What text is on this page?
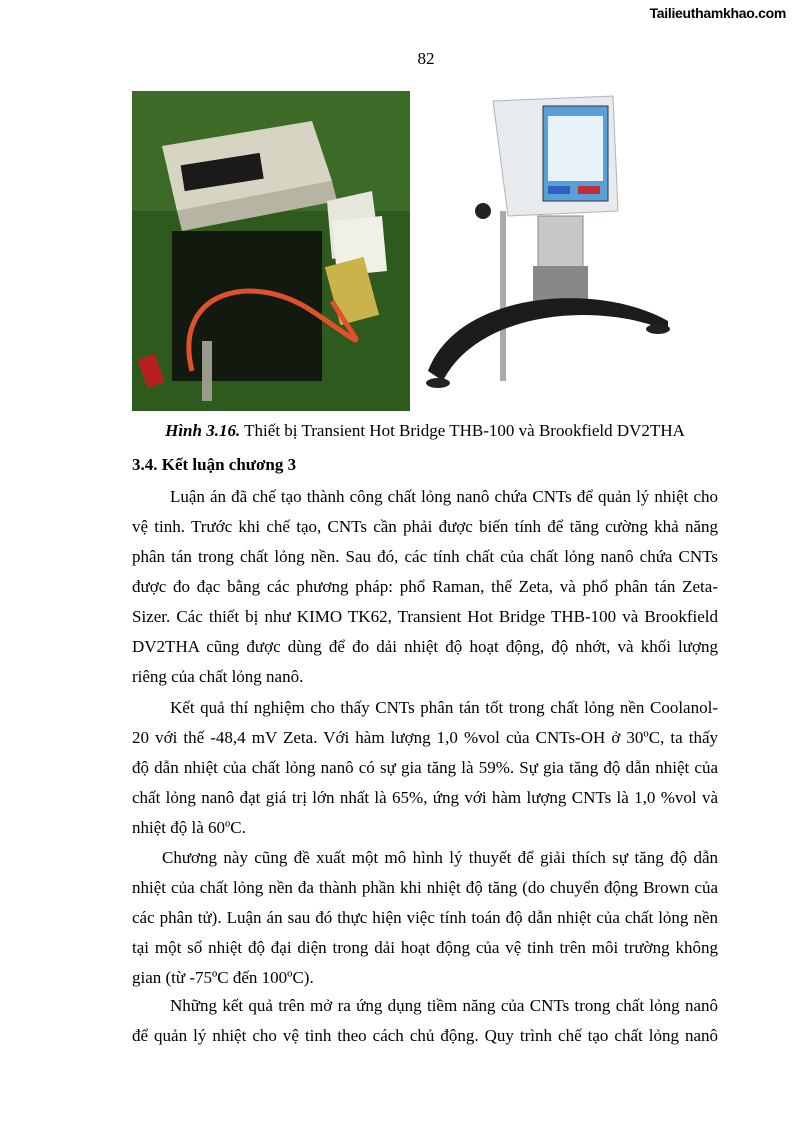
Tailieuthamkhao.com
82
Hình 3.16. Thiết bị Transient Hot Bridge THB-100 và Brookfield DV2THA
3.4. Kết luận chương 3
Luận án đã chế tạo thành công chất lỏng nanô chứa CNTs để quản lý nhiệt cho
vệ tinh. Trước khi chế tạo, CNTs cần phải được biến tính để tăng cường khả năng
phân tán trong chất lỏng nền. Sau đó, các tính chất của chất lỏng nanô chứa CNTs
được đo đạc bằng các phương pháp: phổ Raman, thế Zeta, và phổ phân tán Zeta-
Sizer. Các thiết bị như KIMO TK62, Transient Hot Bridge THB-100 và Brookfield
DV2THA cũng được dùng để đo dải nhiệt độ hoạt động, độ nhớt, và khối lượng
riêng của chất lỏng nanô.
Kết quả thí nghiệm cho thấy CNTs phân tán tốt trong chất lỏng nền Coolanol-
20 với thế -48,4 mV Zeta. Với hàm lượng 1,0 %vol của CNTs-OH ở 30ºC, ta thấy
độ dẫn nhiệt của chất lỏng nanô có sự gia tăng là 59%. Sự gia tăng độ dẫn nhiệt của
chất lỏng nanô đạt giá trị lớn nhất là 65%, ứng với hàm lượng CNTs là 1,0 %vol và
nhiệt độ là 60ºC.
Chương này cũng đề xuất một mô hình lý thuyết để giải thích sự tăng độ dẫn
nhiệt của chất lỏng nền đa thành phần khi nhiệt độ tăng (do chuyển động Brown của
các phân tử). Luận án sau đó thực hiện việc tính toán độ dẫn nhiệt của chất lỏng nền
tại một số nhiệt độ đại diện trong dải hoạt động của vệ tinh trên môi trường không
gian (từ -75ºC đến 100ºC).
Những kết quả trên mở ra ứng dụng tiềm năng của CNTs trong chất lỏng nanô
để quản lý nhiệt cho vệ tinh theo cách chủ động. Quy trình chế tạo chất lỏng nanô
